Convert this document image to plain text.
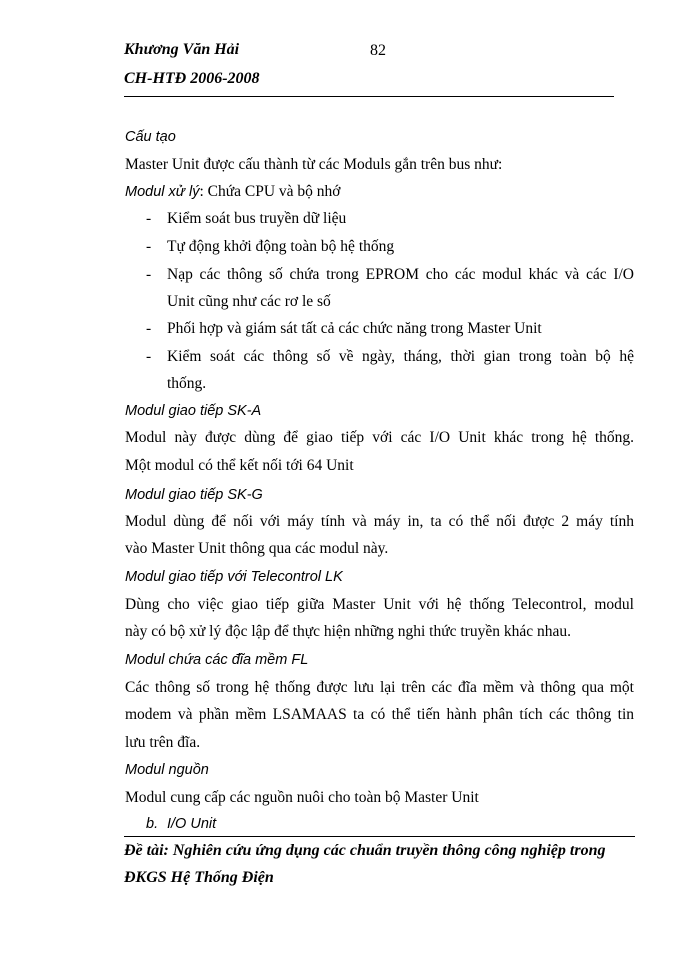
Khương Văn Hải	82
CH-HTĐ 2006-2008
Cấu tạo
Master Unit được cấu thành từ các Moduls gắn trên bus như:
Modul xử lý: Chứa CPU và bộ nhớ
- Kiểm soát bus truyền dữ liệu
- Tự động khởi động toàn bộ hệ thống
- Nạp các thông số chứa trong EPROM cho các modul khác và các I/O
Unit cũng như các rơ le số
- Phối hợp và giám sát tất cả các chức năng trong Master Unit
- Kiểm soát các thông số về ngày, tháng, thời gian trong toàn bộ hệ
thống.
Modul giao tiếp SK-A
Modul này được dùng để giao tiếp với các I/O Unit khác trong hệ thống.
Một modul có thể kết nối tới 64 Unit
Modul giao tiếp SK-G
Modul dùng để nối với máy tính và máy in, ta có thể nối được 2 máy tính
vào Master Unit thông qua các modul này.
Modul giao tiếp với Telecontrol LK
Dùng cho việc giao tiếp giữa Master Unit với hệ thống Telecontrol, modul
này có bộ xử lý độc lập để thực hiện những nghi thức truyền khác nhau.
Modul chứa các đĩa mềm FL
Các thông số trong hệ thống được lưu lại trên các đĩa mềm và thông qua một
modem và phần mềm LSAMAAS ta có thể tiến hành phân tích các thông tin
lưu trên đĩa.
Modul nguồn
Modul cung cấp các nguồn nuôi cho toàn bộ Master Unit
b. I/O Unit
Đề tài: Nghiên cứu ứng dụng các chuẩn truyền thông công nghiệp trong
ĐKGS Hệ Thống Điện
